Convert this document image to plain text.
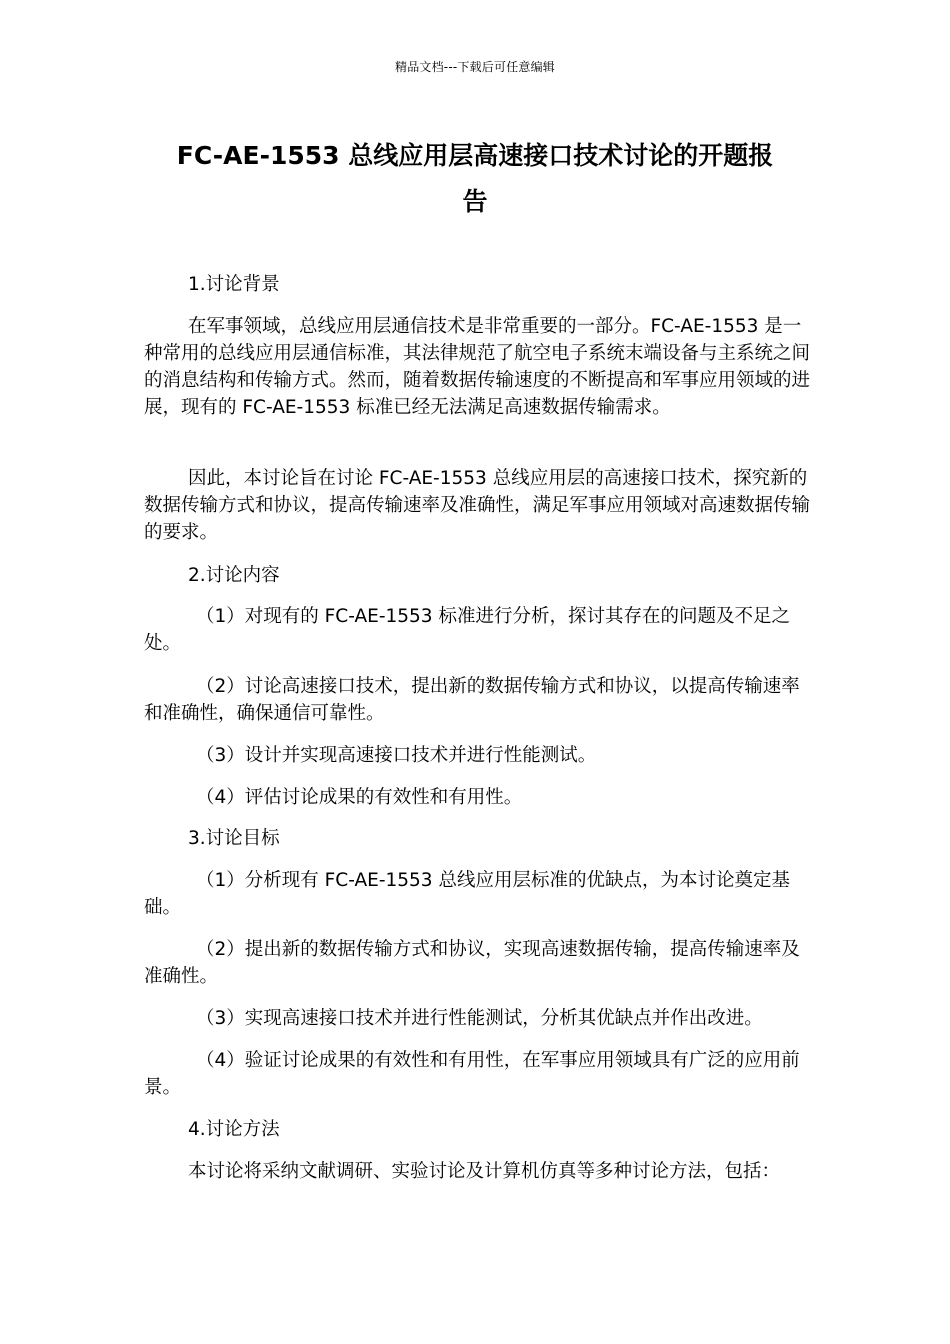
精品文档---下载后可任意编辑
FC-AE-1553 总线应用层高速接口技术讨论的开题报
告

1.讨论背景

在军事领域，总线应用层通信技术是非常重要的一部分。FC-AE-1553 是一种常用的总线应用层通信标准，其法律规范了航空电子系统末端设备与主系统之间的消息结构和传输方式。然而，随着数据传输速度的不断提高和军事应用领域的进展，现有的 FC-AE-1553 标准已经无法满足高速数据传输需求。

因此，本讨论旨在讨论 FC-AE-1553 总线应用层的高速接口技术，探究新的数据传输方式和协议，提高传输速率及准确性，满足军事应用领域对高速数据传输的要求。

2.讨论内容

（1）对现有的 FC-AE-1553 标准进行分析，探讨其存在的问题及不足之处。

（2）讨论高速接口技术，提出新的数据传输方式和协议，以提高传输速率和准确性，确保通信可靠性。

（3）设计并实现高速接口技术并进行性能测试。

（4）评估讨论成果的有效性和有用性。

3.讨论目标

（1）分析现有 FC-AE-1553 总线应用层标准的优缺点，为本讨论奠定基础。

（2）提出新的数据传输方式和协议，实现高速数据传输，提高传输速率及准确性。

（3）实现高速接口技术并进行性能测试，分析其优缺点并作出改进。

（4）验证讨论成果的有效性和有用性，在军事应用领域具有广泛的应用前景。

4.讨论方法

本讨论将采纳文献调研、实验讨论及计算机仿真等多种讨论方法，包括：
